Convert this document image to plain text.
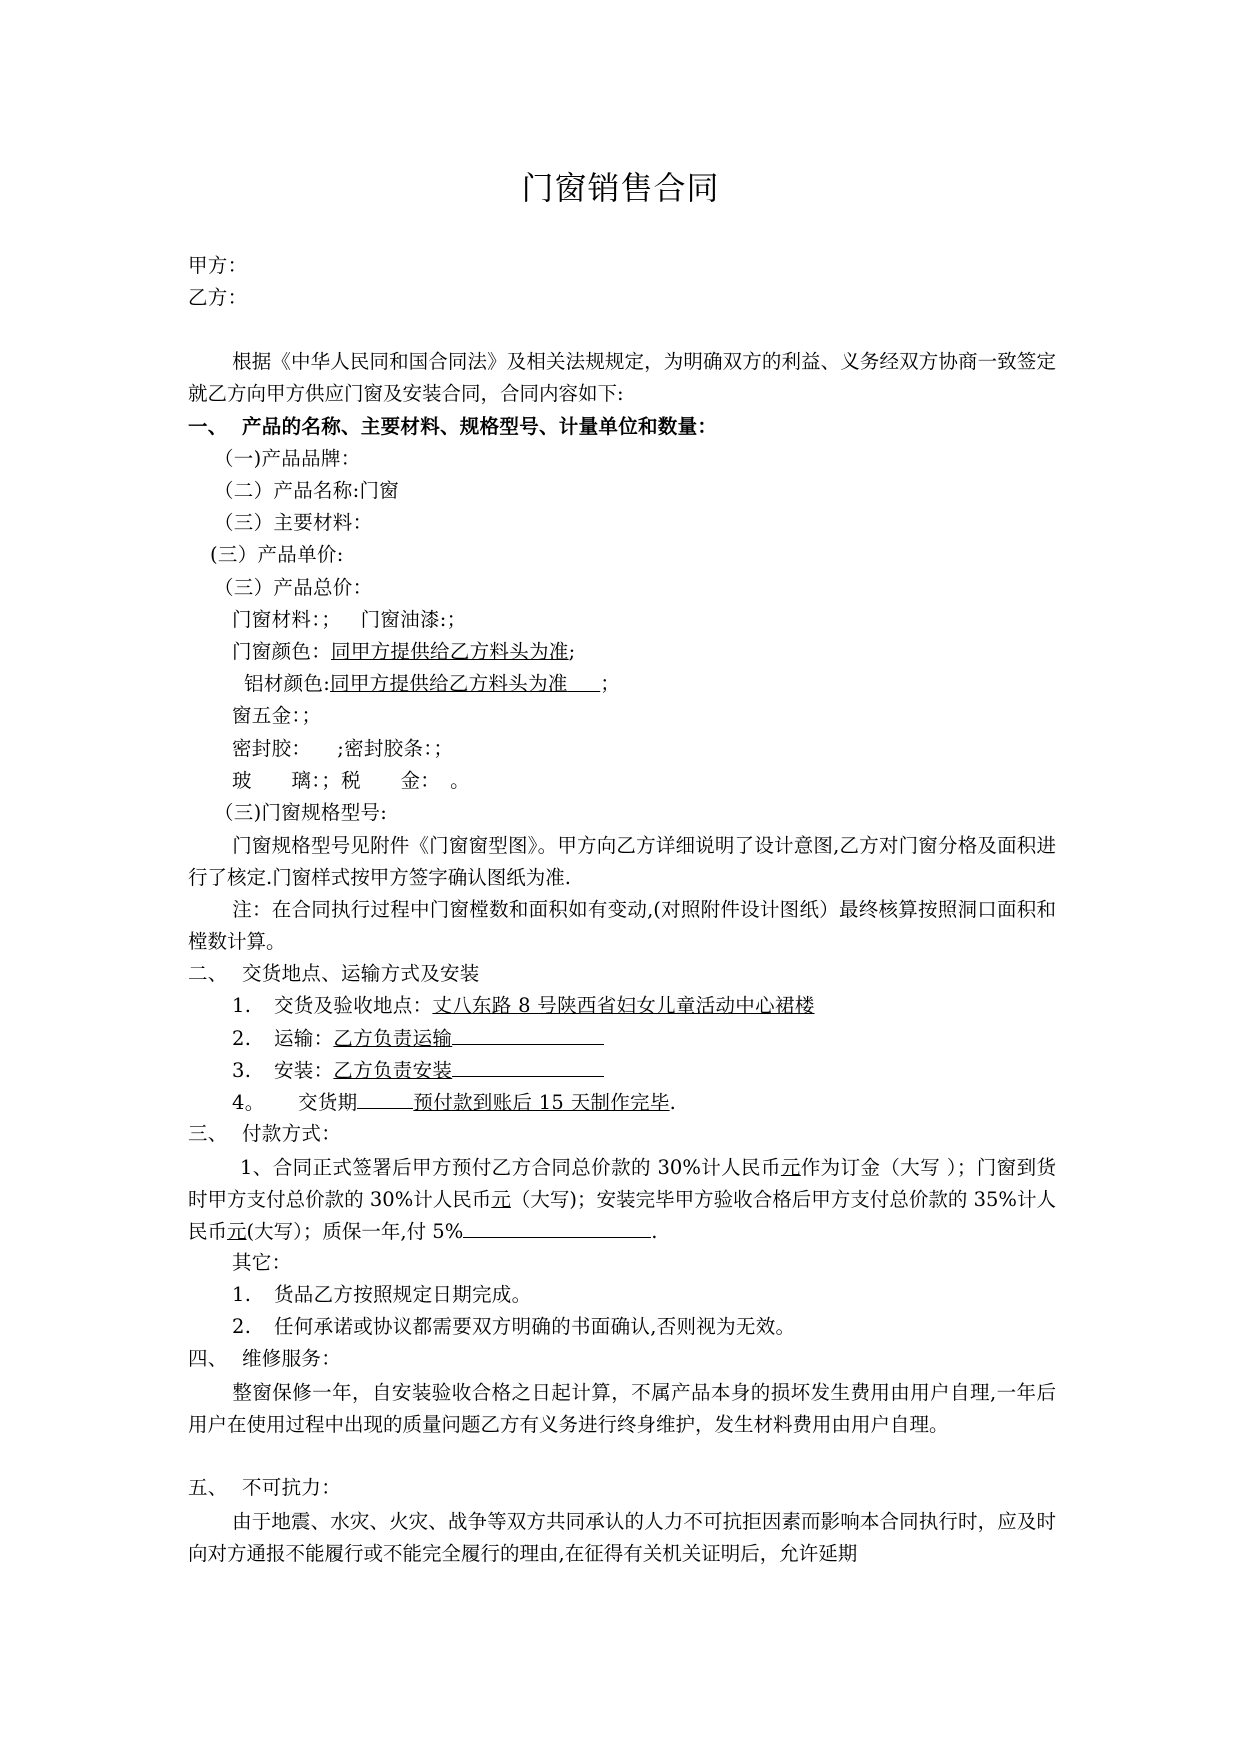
门窗销售合同
甲方：
乙方：
根据《中华人民同和国合同法》及相关法规规定，为明确双方的利益、义务经双方协商一致签定就乙方向甲方供应门窗及安装合同，合同内容如下:
一、 产品的名称、主要材料、规格型号、计量单位和数量：
（一)产品品牌：
（二）产品名称:门窗
（三）主要材料：
(三）产品单价:
（三）产品总价：
门窗材料：； 门窗油漆:；
门窗颜色：同甲方提供给乙方料头为准;
铝材颜色:同甲方提供给乙方料头为准 ；
窗五金：；
密封胶： ;密封胶条：；
玻　　璃：；税　　金：　。
（三)门窗规格型号:
门窗规格型号见附件《门窗窗型图》。甲方向乙方详细说明了设计意图,乙方对门窗分格及面积进行了核定.门窗样式按甲方签字确认图纸为准.
注：在合同执行过程中门窗樘数和面积如有变动,(对照附件设计图纸）最终核算按照洞口面积和樘数计算。
二、 交货地点、运输方式及安装
1. 交货及验收地点：丈八东路 8 号陕西省妇女儿童活动中心裙楼
2. 运输：乙方负责运输
3. 安装：乙方负责安装
4。 交货期	预付款到账后 15 天制作完毕.
三、 付款方式：
1、合同正式签署后甲方预付乙方合同总价款的 30%计人民币元作为订金（大写 ）；门窗到货时甲方支付总价款的 30%计人民币元（大写)；安装完毕甲方验收合格后甲方支付总价款的 35%计人民币元(大写）；质保一年,付 5%	.
其它：
1. 货品乙方按照规定日期完成。
2. 任何承诺或协议都需要双方明确的书面确认,否则视为无效。
四、 维修服务：
整窗保修一年，自安装验收合格之日起计算，不属产品本身的损坏发生费用由用户自理,一年后用户在使用过程中出现的质量问题乙方有义务进行终身维护，发生材料费用由用户自理。
五、 不可抗力：
由于地震、水灾、火灾、战争等双方共同承认的人力不可抗拒因素而影响本合同执行时，应及时向对方通报不能履行或不能完全履行的理由,在征得有关机关证明后，允许延期
